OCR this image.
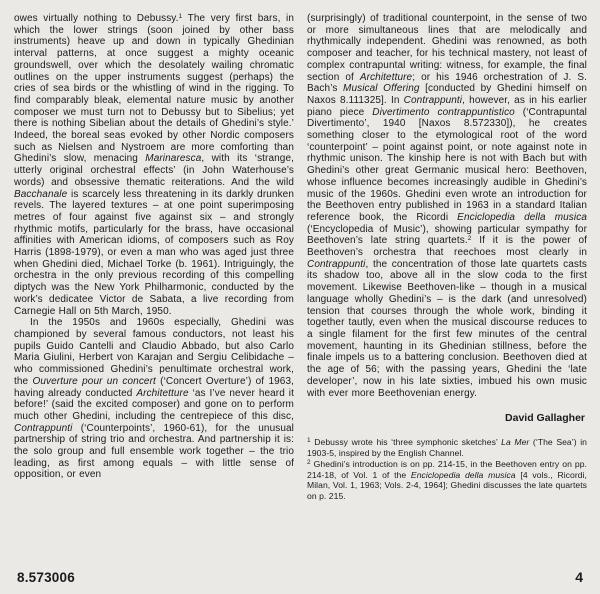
owes virtually nothing to Debussy.$^1$ The very first bars, in which the lower strings (soon joined by other bass instruments) heave up and down in typically Ghedinian interval patterns, at once suggest a mighty oceanic groundswell, over which the desolately wailing chromatic outlines on the upper instruments suggest (perhaps) the cries of sea birds or the whistling of wind in the rigging. To find comparably bleak, elemental nature music by another composer we must turn not to Debussy but to Sibelius; yet there is nothing Sibelian about the details of Ghedini’s style.’ Indeed, the boreal seas evoked by other Nordic composers such as Nielsen and Nystroem are more comforting than Ghedini’s slow, menacing Marinaresca, with its ‘strange, utterly original orchestral effects’ (in John Waterhouse’s words) and obsessive thematic reiterations. And the wild Bacchanale is scarcely less threatening in its darkly drunken revels. The layered textures – at one point superimposing metres of four against five against six – and strongly rhythmic motifs, particularly for the brass, have occasional affinities with American idioms, of composers such as Roy Harris (1898-1979), or even a man who was aged just three when Ghedini died, Michael Torke (b. 1961). Intriguingly, the orchestra in the only previous recording of this compelling diptych was the New York Philharmonic, conducted by the work’s dedicatee Victor de Sabata, a live recording from Carnegie Hall on 5th March, 1950.

In the 1950s and 1960s especially, Ghedini was championed by several famous conductors, not least his pupils Guido Cantelli and Claudio Abbado, but also Carlo Maria Giulini, Herbert von Karajan and Sergiu Celibidache – who commissioned Ghedini’s penultimate orchestral work, the Ouverture pour un concert (‘Concert Overture’) of 1963, having already conducted Architetture ‘as I’ve never heard it before!’ (said the excited composer) and gone on to perform much other Ghedini, including the centrepiece of this disc, Contrappunti (‘Counterpoints’, 1960-61), for the unusual partnership of string trio and orchestra. And partnership it is: the solo group and full ensemble work together – the trio leading, as first among equals – with little sense of opposition, or even

(surprisingly) of traditional counterpoint, in the sense of two or more simultaneous lines that are melodically and rhythmically independent. Ghedini was renowned, as both composer and teacher, for his technical mastery, not least of complex contrapuntal writing: witness, for example, the final section of Architetture; or his 1946 orchestration of J. S. Bach’s Musical Offering [conducted by Ghedini himself on Naxos 8.111325]. In Contrappunti, however, as in his earlier piano piece Divertimento contrappuntistico (‘Contrapuntal Divertimento’, 1940 [Naxos 8.572330]), he creates something closer to the etymological root of the word ‘counterpoint’ – point against point, or note against note in rhythmic unison. The kinship here is not with Bach but with Ghedini’s other great Germanic musical hero: Beethoven, whose influence becomes increasingly audible in Ghedini’s music of the 1960s. Ghedini even wrote an introduction for the Beethoven entry published in 1963 in a standard Italian reference book, the Ricordi Enciclopedia della musica (‘Encyclopedia of Music’), showing particular sympathy for Beethoven’s late string quartets.$^2$ If it is the power of Beethoven’s orchestra that reechoes most clearly in Contrappunti, the concentration of those late quartets casts its shadow too, above all in the slow coda to the first movement. Likewise Beethoven-like – though in a musical language wholly Ghedini’s – is the dark (and unresolved) tension that courses through the whole work, binding it together tautly, even when the musical discourse reduces to a single filament for the first few minutes of the central movement, haunting in its Ghedinian stillness, before the finale impels us to a battering conclusion. Beethoven died at the age of 56; with the passing years, Ghedini the ‘late developer’, now in his late sixties, imbued his own music with ever more Beethovenian energy.

David Gallagher

$^1$ Debussy wrote his ‘three symphonic sketches’ La Mer (‘The Sea’) in 1903-5, inspired by the English Channel.

$^2$ Ghedini’s introduction is on pp. 214-15, in the Beethoven entry on pp. 214-18, of Vol. 1 of the Enciclopedia della musica [4 vols., Ricordi, Milan, Vol. 1, 1963; Vols. 2-4, 1964]; Ghedini discusses the late quartets on p. 215.

8.573006	4
